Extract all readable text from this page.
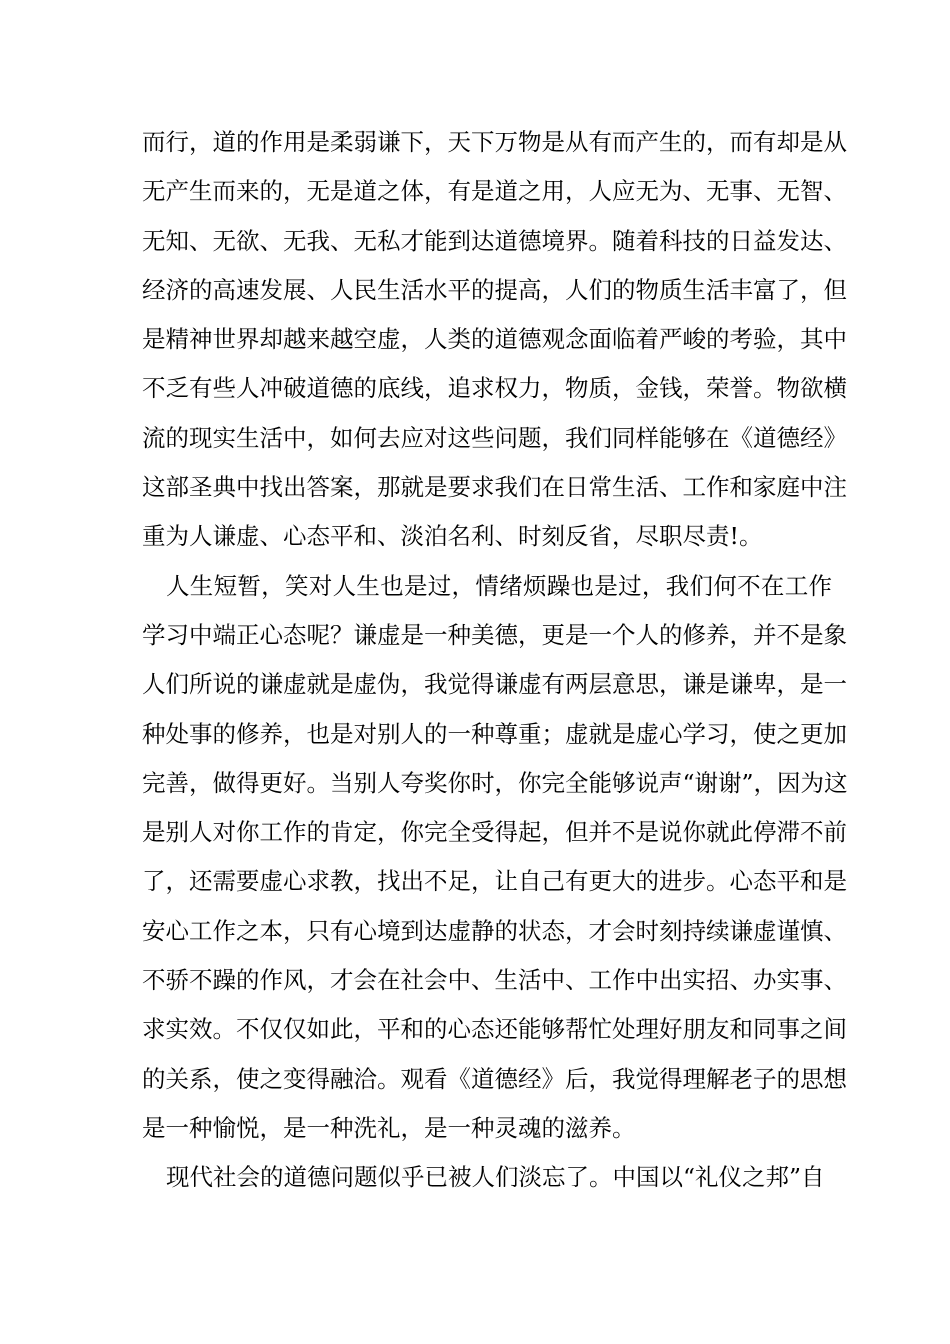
而行，道的作用是柔弱谦下，天下万物是从有而产生的，而有却是从
无产生而来的，无是道之体，有是道之用，人应无为、无事、无智、
无知、无欲、无我、无私才能到达道德境界。随着科技的日益发达、
经济的高速发展、人民生活水平的提高，人们的物质生活丰富了，但
是精神世界却越来越空虚，人类的道德观念面临着严峻的考验，其中
不乏有些人冲破道德的底线，追求权力，物质，金钱，荣誉。物欲横
流的现实生活中，如何去应对这些问题，我们同样能够在《道德经》
这部圣典中找出答案，那就是要求我们在日常生活、工作和家庭中注
重为人谦虚、心态平和、淡泊名利、时刻反省，尽职尽责!。
人生短暂，笑对人生也是过，情绪烦躁也是过，我们何不在工作
学习中端正心态呢？谦虚是一种美德，更是一个人的修养，并不是象
人们所说的谦虚就是虚伪，我觉得谦虚有两层意思，谦是谦卑，是一
种处事的修养，也是对别人的一种尊重；虚就是虚心学习，使之更加
完善，做得更好。当别人夸奖你时，你完全能够说声“谢谢”，因为这
是别人对你工作的肯定，你完全受得起，但并不是说你就此停滞不前
了，还需要虚心求教，找出不足，让自己有更大的进步。心态平和是
安心工作之本，只有心境到达虚静的状态，才会时刻持续谦虚谨慎、
不骄不躁的作风，才会在社会中、生活中、工作中出实招、办实事、
求实效。不仅仅如此，平和的心态还能够帮忙处理好朋友和同事之间
的关系，使之变得融洽。观看《道德经》后，我觉得理解老子的思想
是一种愉悦，是一种洗礼，是一种灵魂的滋养。
现代社会的道德问题似乎已被人们淡忘了。中国以“礼仪之邦”自
